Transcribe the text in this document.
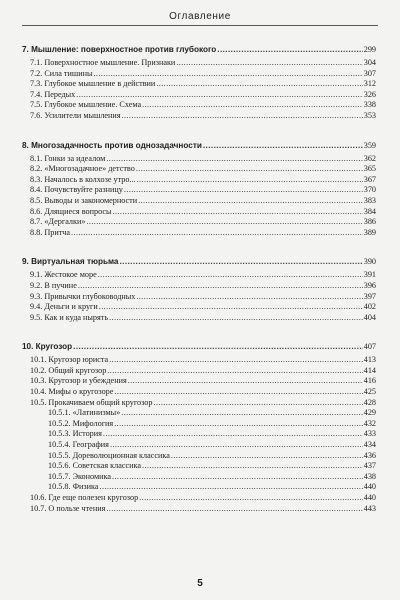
Оглавление
7. Мышление: поверхностное против глубокого .....	299
7.1. Поверхностное мышление. Признаки .....	304
7.2. Сила тишины .....	307
7.3. Глубокое мышление в действии .....	312
7.4. Передых .....	326
7.5. Глубокое мышление. Схема .....	338
7.6. Усилители мышления .....	353
8. Многозадачность против однозадачности .....	359
8.1. Гонки за идеалом .....	362
8.2. «Многозадачное» детство .....	365
8.3. Началось в колхозе утро... .....	367
8.4. Почувствуйте разницу .....	370
8.5. Выводы и закономерности .....	383
8.6. Длящиеся вопросы .....	384
8.7. «Дергалки» .....	386
8.8. Притча .....	389
9. Виртуальная тюрьма .....	390
9.1. Жестокое море .....	391
9.2. В пучине .....	396
9.3. Привычки глубоководных .....	397
9.4. Деньги и круги .....	402
9.5. Как и куда нырять .....	404
10. Кругозор .....	407
10.1. Кругозор юриста .....	413
10.2. Общий кругозор .....	414
10.3. Кругозор и убеждения .....	416
10.4. Мифы о кругозоре .....	425
10.5. Прокачиваем общий кругозор .....	428
10.5.1. «Латинизмы» .....	429
10.5.2. Мифология .....	432
10.5.3. История .....	433
10.5.4. География .....	434
10.5.5. Дореволюционная классика .....	436
10.5.6. Советская классика .....	437
10.5.7. Экономика .....	438
10.5.8. Физика .....	440
10.6. Где еще полезен кругозор .....	440
10.7. О пользе чтения .....	443
5
